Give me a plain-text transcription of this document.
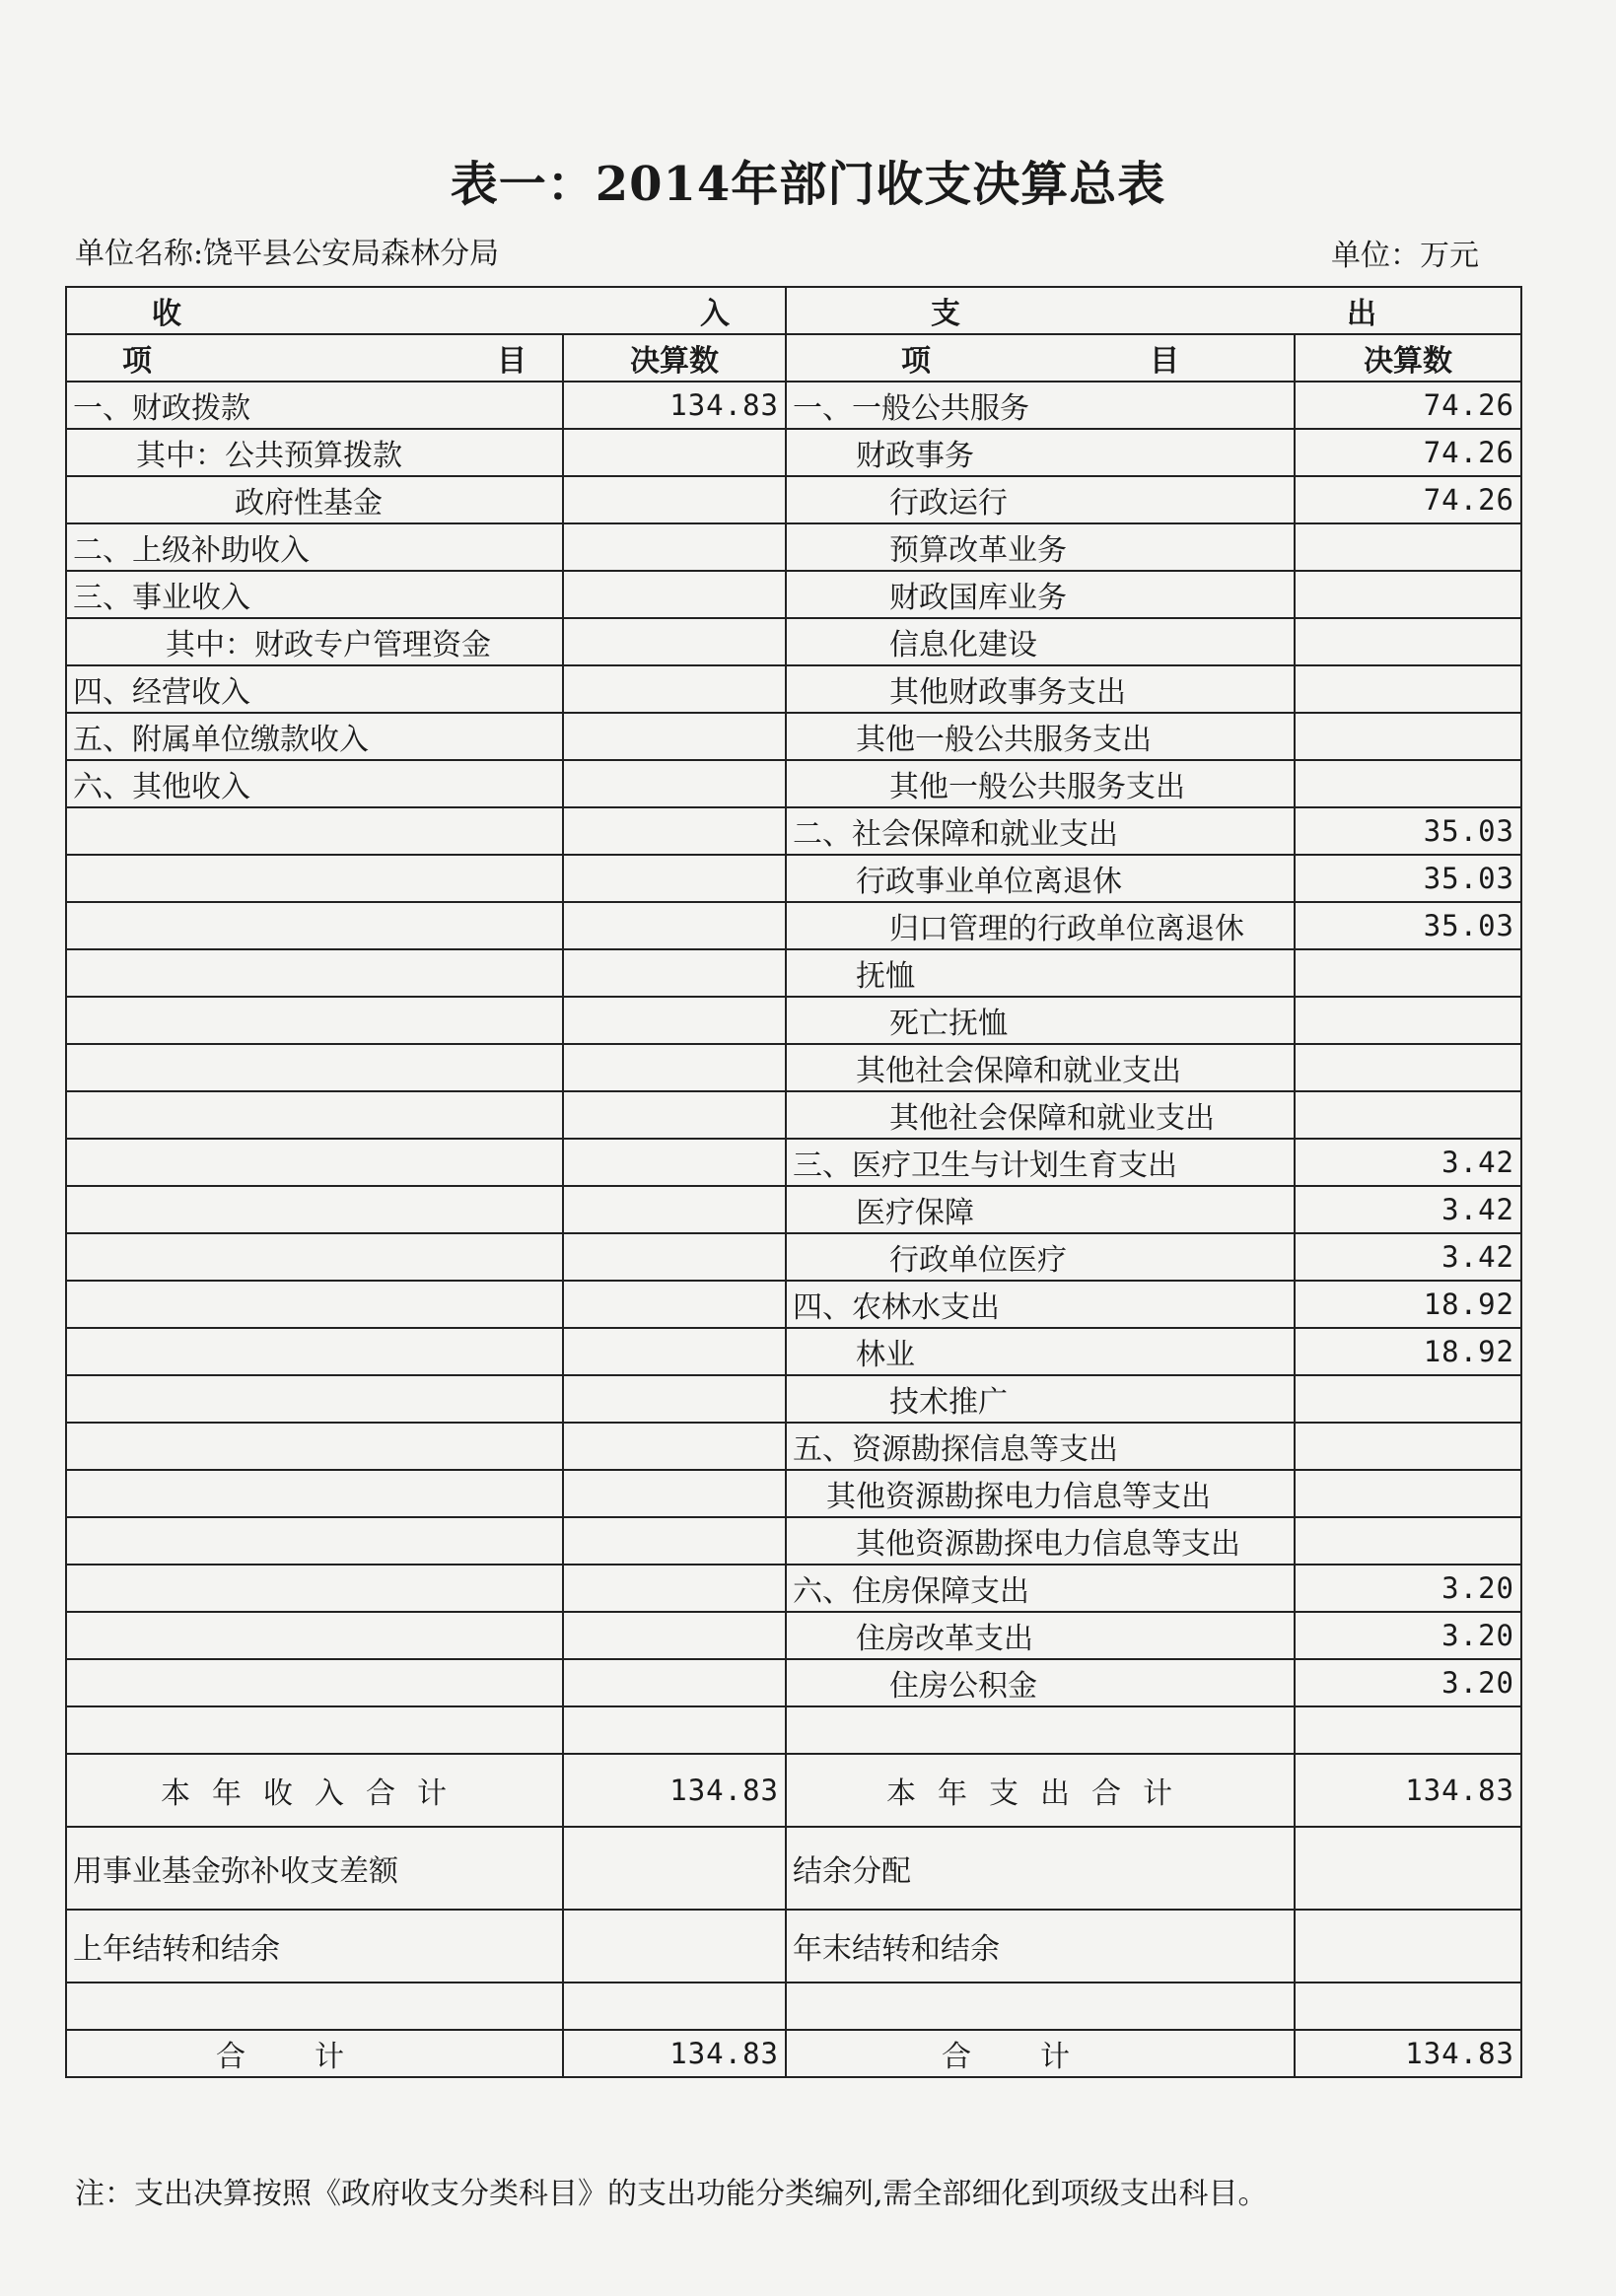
表一：2014年部门收支决算总表
单位名称:饶平县公安局森林分局	单位：万元
收 入		支 出	

项 目	决算数	项 目	决算数
一、财政拨款	134.83	一、一般公共服务	74.26
其中：公共预算拨款		财政事务	74.26
政府性基金		行政运行	74.26
二、上级补助收入		预算改革业务	
三、事业收入		财政国库业务	
其中：财政专户管理资金		信息化建设	
四、经营收入		其他财政事务支出	
五、附属单位缴款收入		其他一般公共服务支出	
六、其他收入		其他一般公共服务支出	
		二、社会保障和就业支出	35.03
		行政事业单位离退休	35.03
		归口管理的行政单位离退休	35.03
		抚恤	
		死亡抚恤	
		其他社会保障和就业支出	
		其他社会保障和就业支出	
		三、医疗卫生与计划生育支出	3.42
		医疗保障	3.42
		行政单位医疗	3.42
		四、农林水支出	18.92
		林业	18.92
		技术推广	
		五、资源勘探信息等支出	
		其他资源勘探电力信息等支出	
		其他资源勘探电力信息等支出	
		六、住房保障支出	3.20
		住房改革支出	3.20
		住房公积金	3.20

本年收入合计	134.83	本年支出合计	134.83
用事业基金弥补收支差额		结余分配	
上年结转和结余		年末结转和结余	

合计	134.83	合计	134.83
注：支出决算按照《政府收支分类科目》的支出功能分类编列,需全部细化到项级支出科目。
